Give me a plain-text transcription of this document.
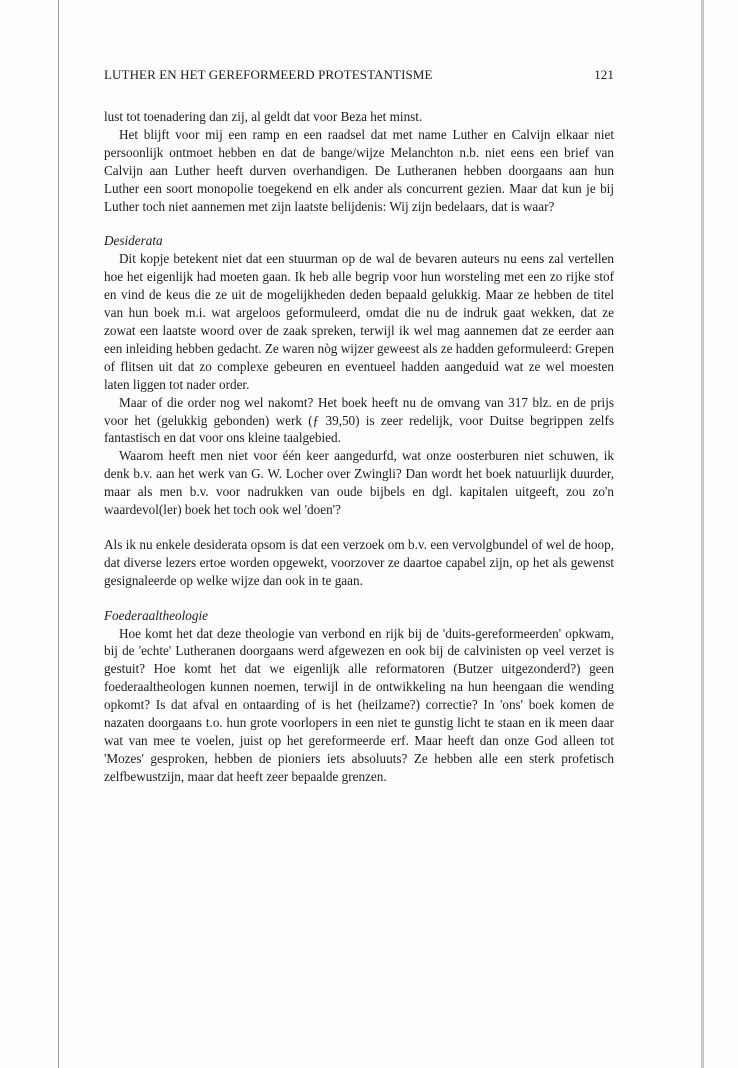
LUTHER EN HET GEREFORMEERD PROTESTANTISME	121

lust tot toenadering dan zij, al geldt dat voor Beza het minst.

Het blijft voor mij een ramp en een raadsel dat met name Luther en Calvijn elkaar niet persoonlijk ontmoet hebben en dat de bange/wijze Melanchton n.b. niet eens een brief van Calvijn aan Luther heeft durven overhandigen. De Lutheranen hebben doorgaans aan hun Luther een soort monopolie toegekend en elk ander als concurrent gezien. Maar dat kun je bij Luther toch niet aannemen met zijn laatste belijdenis: Wij zijn bedelaars, dat is waar?

Desiderata

Dit kopje betekent niet dat een stuurman op de wal de bevaren auteurs nu eens zal vertellen hoe het eigenlijk had moeten gaan. Ik heb alle begrip voor hun worsteling met een zo rijke stof en vind de keus die ze uit de mogelijkheden deden bepaald gelukkig. Maar ze hebben de titel van hun boek m.i. wat argeloos geformuleerd, omdat die nu de indruk gaat wekken, dat ze zowat een laatste woord over de zaak spreken, terwijl ik wel mag aannemen dat ze eerder aan een inleiding hebben gedacht. Ze waren nòg wijzer geweest als ze hadden geformuleerd: Grepen of flitsen uit dat zo complexe gebeuren en eventueel hadden aangeduid wat ze wel moesten laten liggen tot nader order.

Maar of die order nog wel nakomt? Het boek heeft nu de omvang van 317 blz. en de prijs voor het (gelukkig gebonden) werk (ƒ 39,50) is zeer redelijk, voor Duitse begrippen zelfs fantastisch en dat voor ons kleine taalgebied.

Waarom heeft men niet voor één keer aangedurfd, wat onze oosterburen niet schuwen, ik denk b.v. aan het werk van G. W. Locher over Zwingli? Dan wordt het boek natuurlijk duurder, maar als men b.v. voor nadrukken van oude bijbels en dgl. kapitalen uitgeeft, zou zo'n waardevol(ler) boek het toch ook wel 'doen'?

Als ik nu enkele desiderata opsom is dat een verzoek om b.v. een vervolgbundel of wel de hoop, dat diverse lezers ertoe worden opgewekt, voorzover ze daartoe capabel zijn, op het als gewenst gesignaleerde op welke wijze dan ook in te gaan.

Foederaaltheologie

Hoe komt het dat deze theologie van verbond en rijk bij de 'duits-gereformeerden' opkwam, bij de 'echte' Lutheranen doorgaans werd afgewezen en ook bij de calvinisten op veel verzet is gestuit? Hoe komt het dat we eigenlijk alle reformatoren (Butzer uitgezonderd?) geen foederaaltheologen kunnen noemen, terwijl in de ontwikkeling na hun heengaan die wending opkomt? Is dat afval en ontaarding of is het (heilzame?) correctie? In 'ons' boek komen de nazaten doorgaans t.o. hun grote voorlopers in een niet te gunstig licht te staan en ik meen daar wat van mee te voelen, juist op het gereformeerde erf. Maar heeft dan onze God alleen tot 'Mozes' gesproken, hebben de pioniers iets absoluuts? Ze hebben alle een sterk profetisch zelfbewustzijn, maar dat heeft zeer bepaalde grenzen.
